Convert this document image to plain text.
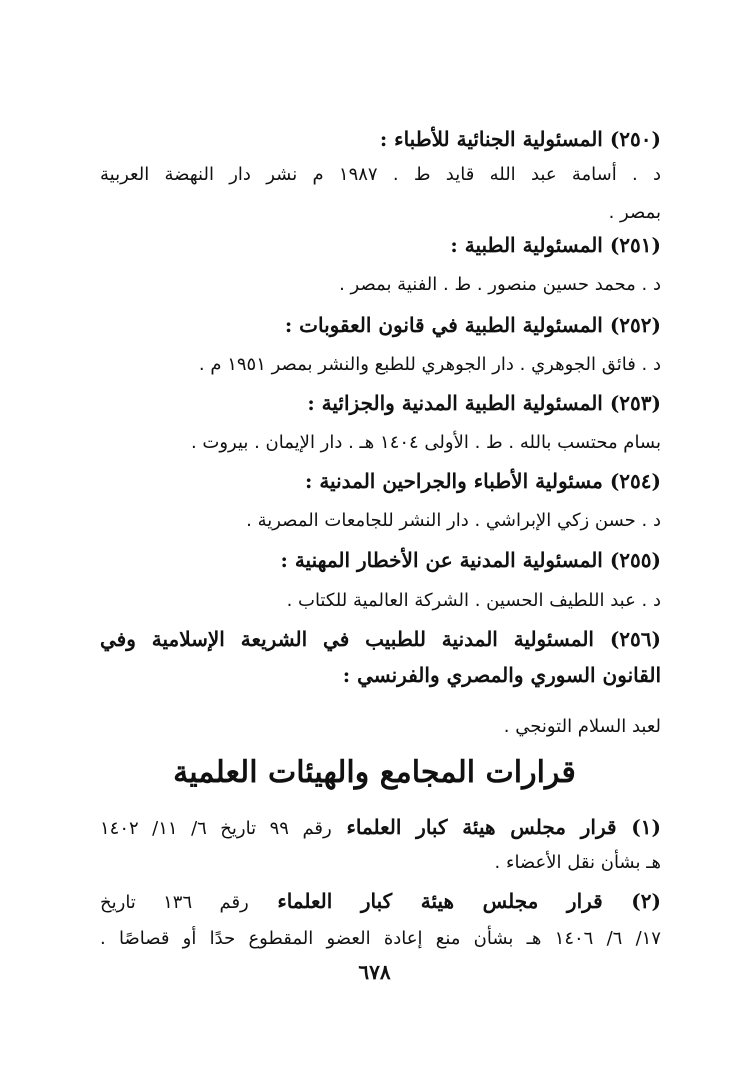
(٢٥٠) المسئولية الجنائية للأطباء :
د . أسامة عبد الله قايد ط . ١٩٨٧ م نشر دار النهضة العربية
بمصر .
(٢٥١) المسئولية الطبية :
د . محمد حسين منصور . ط . الفنية بمصر .
(٢٥٢) المسئولية الطبية في قانون العقوبات :
د . فائق الجوهري . دار الجوهري للطبع والنشر بمصر ١٩٥١ م .
(٢٥٣) المسئولية الطبية المدنية والجزائية :
بسام محتسب بالله . ط . الأولى ١٤٠٤ هـ . دار الإيمان . بيروت .
(٢٥٤) مسئولية الأطباء والجراحين المدنية :
د . حسن زكي الإبراشي . دار النشر للجامعات المصرية .
(٢٥٥) المسئولية المدنية عن الأخطار المهنية :
د . عبد اللطيف الحسين . الشركة العالمية للكتاب .
(٢٥٦) المسئولية المدنية للطبيب في الشريعة الإسلامية وفي
القانون السوري والمصري والفرنسي :
لعبد السلام التونجي .
قرارات المجامع والهيئات العلمية
(١) قرار مجلس هيئة كبار العلماء رقم ٩٩ تاريخ ٦/ ١١/ ١٤٠٢
هـ بشأن نقل الأعضاء .
(٢) قرار مجلس هيئة كبار العلماء رقم ١٣٦ تاريخ
١٧/ ٦/ ١٤٠٦ هـ بشأن منع إعادة العضو المقطوع حدًا أو قصاصًا .
٦٧٨
